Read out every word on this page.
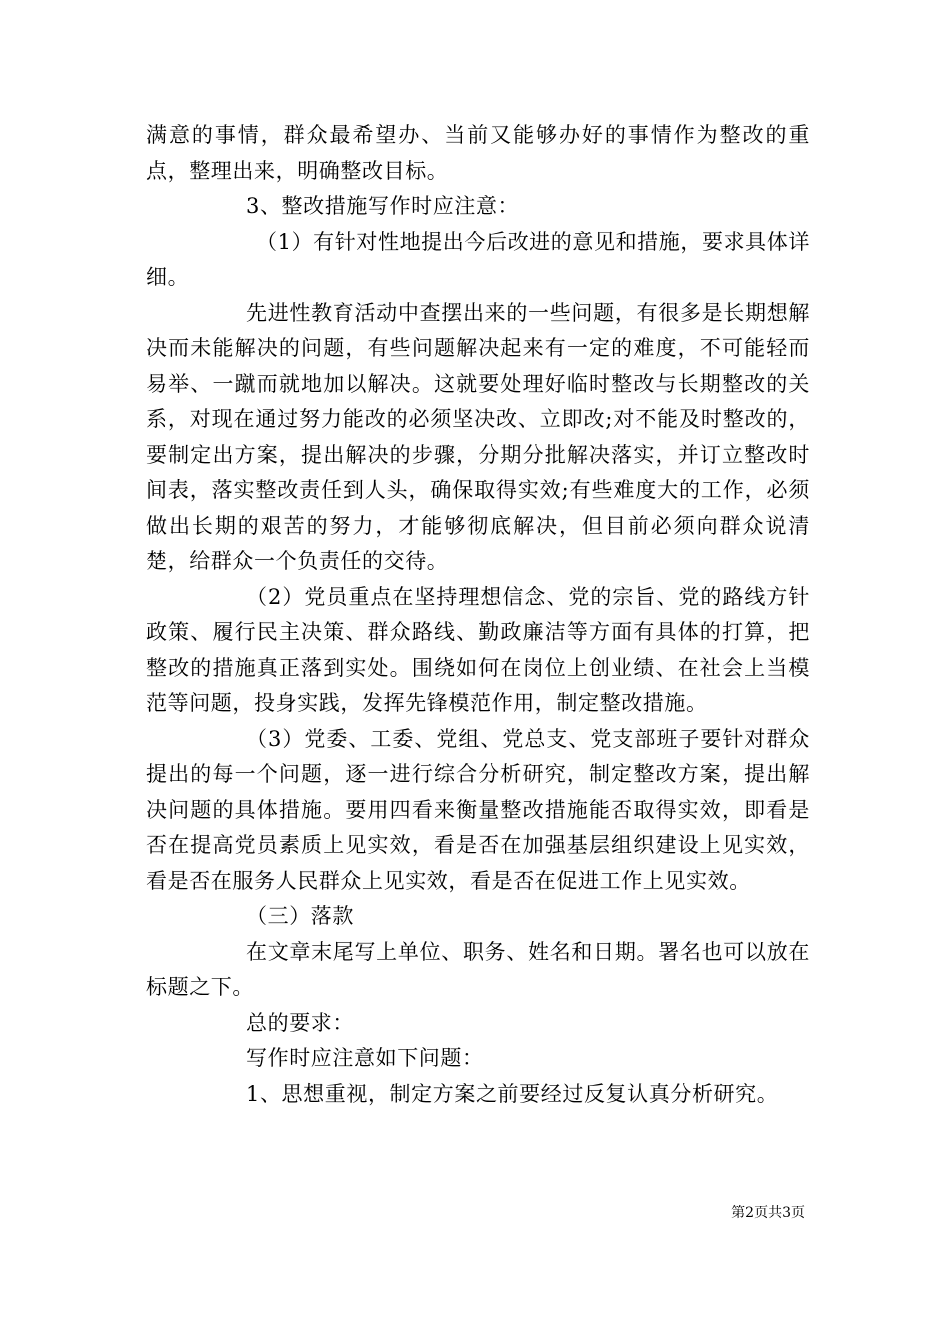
满意的事情，群众最希望办、当前又能够办好的事情作为整改的重点，整理出来，明确整改目标。

3、整改措施写作时应注意：

（1）有针对性地提出今后改进的意见和措施，要求具体详细。

先进性教育活动中查摆出来的一些问题，有很多是长期想解决而未能解决的问题，有些问题解决起来有一定的难度，不可能轻而易举、一蹴而就地加以解决。这就要处理好临时整改与长期整改的关系，对现在通过努力能改的必须坚决改、立即改;对不能及时整改的，要制定出方案，提出解决的步骤，分期分批解决落实，并订立整改时间表，落实整改责任到人头，确保取得实效;有些难度大的工作，必须做出长期的艰苦的努力，才能够彻底解决，但目前必须向群众说清楚，给群众一个负责任的交待。

（2）党员重点在坚持理想信念、党的宗旨、党的路线方针政策、履行民主决策、群众路线、勤政廉洁等方面有具体的打算，把整改的措施真正落到实处。围绕如何在岗位上创业绩、在社会上当模范等问题，投身实践，发挥先锋模范作用，制定整改措施。

（3）党委、工委、党组、党总支、党支部班子要针对群众提出的每一个问题，逐一进行综合分析研究，制定整改方案，提出解决问题的具体措施。要用四看来衡量整改措施能否取得实效，即看是否在提高党员素质上见实效，看是否在加强基层组织建设上见实效，看是否在服务人民群众上见实效，看是否在促进工作上见实效。

（三）落款

在文章末尾写上单位、职务、姓名和日期。署名也可以放在标题之下。

总的要求：

写作时应注意如下问题：

1、思想重视，制定方案之前要经过反复认真分析研究。

第2页共3页
